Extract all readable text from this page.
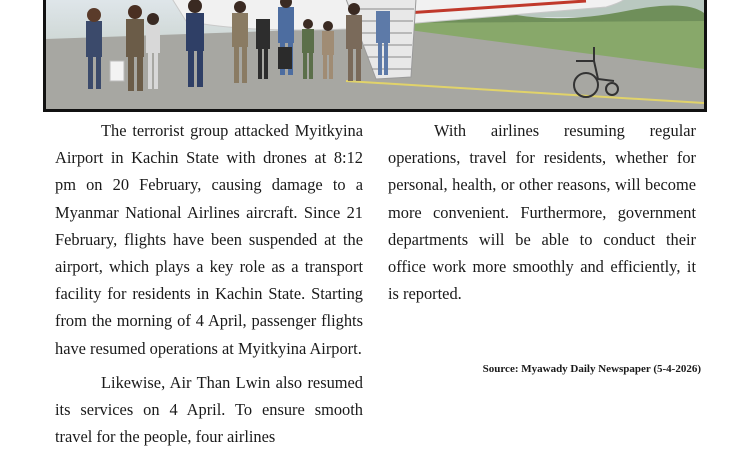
The terrorist group attacked Myitkyina Airport in Kachin State with drones at 8:12 pm on 20 February, causing damage to a Myanmar National Airlines aircraft. Since 21 February, flights have been suspended at the airport, which plays a key role as a transport facility for residents in Kachin State. Starting from the morning of 4 April, passenger flights have resumed operations at Myitkyina Airport.

Likewise, Air Than Lwin also resumed its services on 4 April. To ensure smooth travel for the people, four airlines

With airlines resuming regular operations, travel for residents, whether for personal, health, or other reasons, will become more convenient. Furthermore, government departments will be able to conduct their office work more smoothly and efficiently, it is reported.

Source: Myawady Daily Newspaper (5-4-2026)
